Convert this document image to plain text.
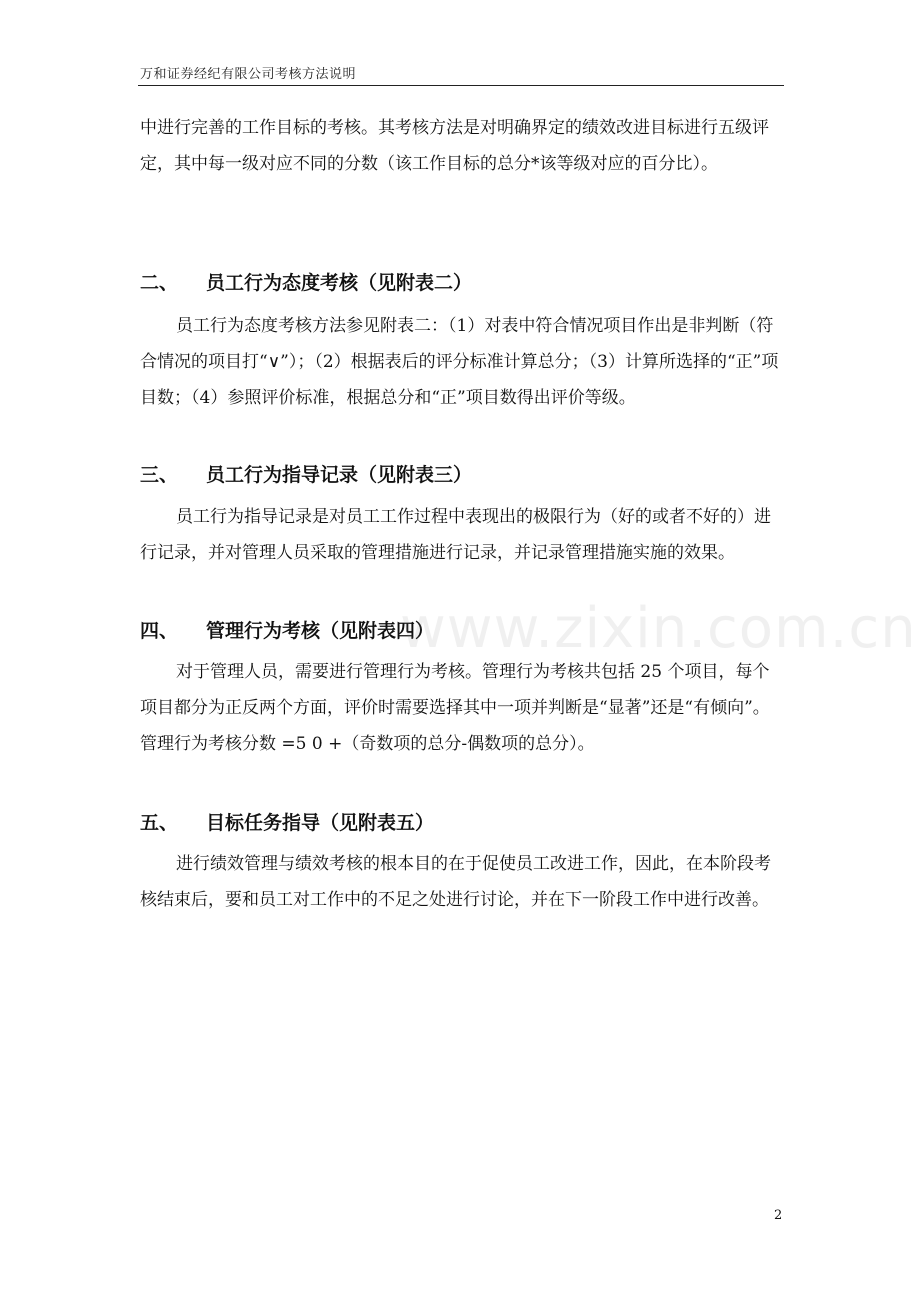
万和证券经纪有限公司考核方法说明

中进行完善的工作目标的考核。其考核方法是对明确界定的绩效改进目标进行五级评定，其中每一级对应不同的分数（该工作目标的总分*该等级对应的百分比）。

二、 员工行为态度考核（见附表二）

员工行为态度考核方法参见附表二：（1）对表中符合情况项目作出是非判断（符合情况的项目打“∨”）；（2）根据表后的评分标准计算总分；（3）计算所选择的“正”项目数；（4）参照评价标准，根据总分和“正”项目数得出评价等级。

三、 员工行为指导记录（见附表三）

员工行为指导记录是对员工工作过程中表现出的极限行为（好的或者不好的）进行记录，并对管理人员采取的管理措施进行记录，并记录管理措施实施的效果。

四、 管理行为考核（见附表四）

对于管理人员，需要进行管理行为考核。管理行为考核共包括 25 个项目，每个项目都分为正反两个方面，评价时需要选择其中一项并判断是“显著”还是“有倾向”。管理行为考核分数 =5 0 +（奇数项的总分-偶数项的总分）。

五、 目标任务指导（见附表五）

进行绩效管理与绩效考核的根本目的在于促使员工改进工作，因此，在本阶段考核结束后，要和员工对工作中的不足之处进行讨论，并在下一阶段工作中进行改善。

www.zixin.com.cn
2
